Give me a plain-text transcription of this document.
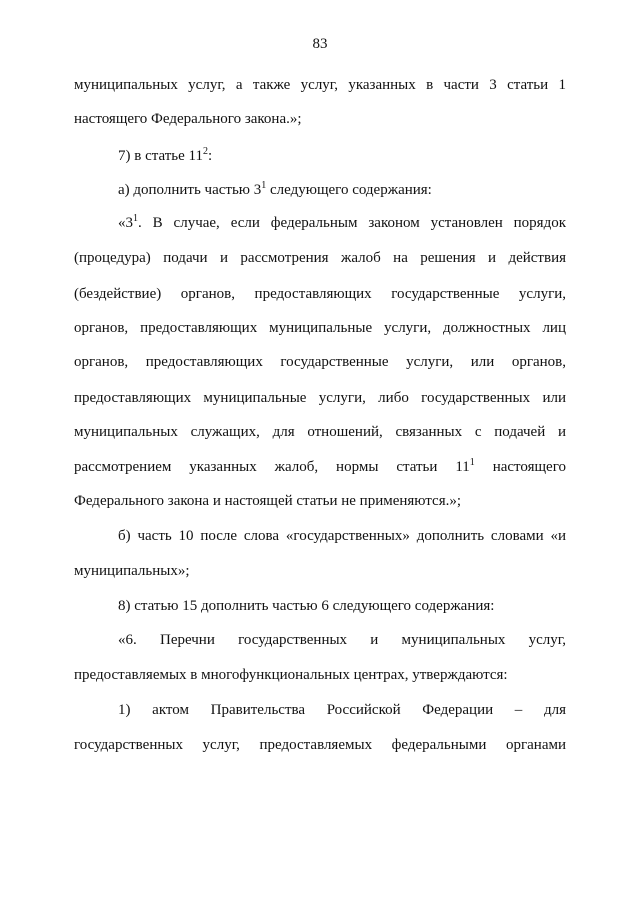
83
муниципальных услуг, а также услуг, указанных в части 3 статьи 1
настоящего Федерального закона.»;
7) в статье $11^2$:
а) дополнить частью $3^1$ следующего содержания:
«$3^1$. В случае, если федеральным законом установлен порядок
(процедура) подачи и рассмотрения жалоб на решения и действия
(бездействие) органов, предоставляющих государственные услуги,
органов, предоставляющих муниципальные услуги, должностных лиц
органов, предоставляющих государственные услуги, или органов,
предоставляющих муниципальные услуги, либо государственных или
муниципальных служащих, для отношений, связанных с подачей и
рассмотрением указанных жалоб, нормы статьи $11^1$ настоящего
Федерального закона и настоящей статьи не применяются.»;
б) часть 10 после слова «государственных» дополнить словами «и
муниципальных»;
8) статью 15 дополнить частью 6 следующего содержания:
«6. Перечни государственных и муниципальных услуг,
предоставляемых в многофункциональных центрах, утверждаются:
1) актом Правительства Российской Федерации – для
государственных услуг, предоставляемых федеральными органами
